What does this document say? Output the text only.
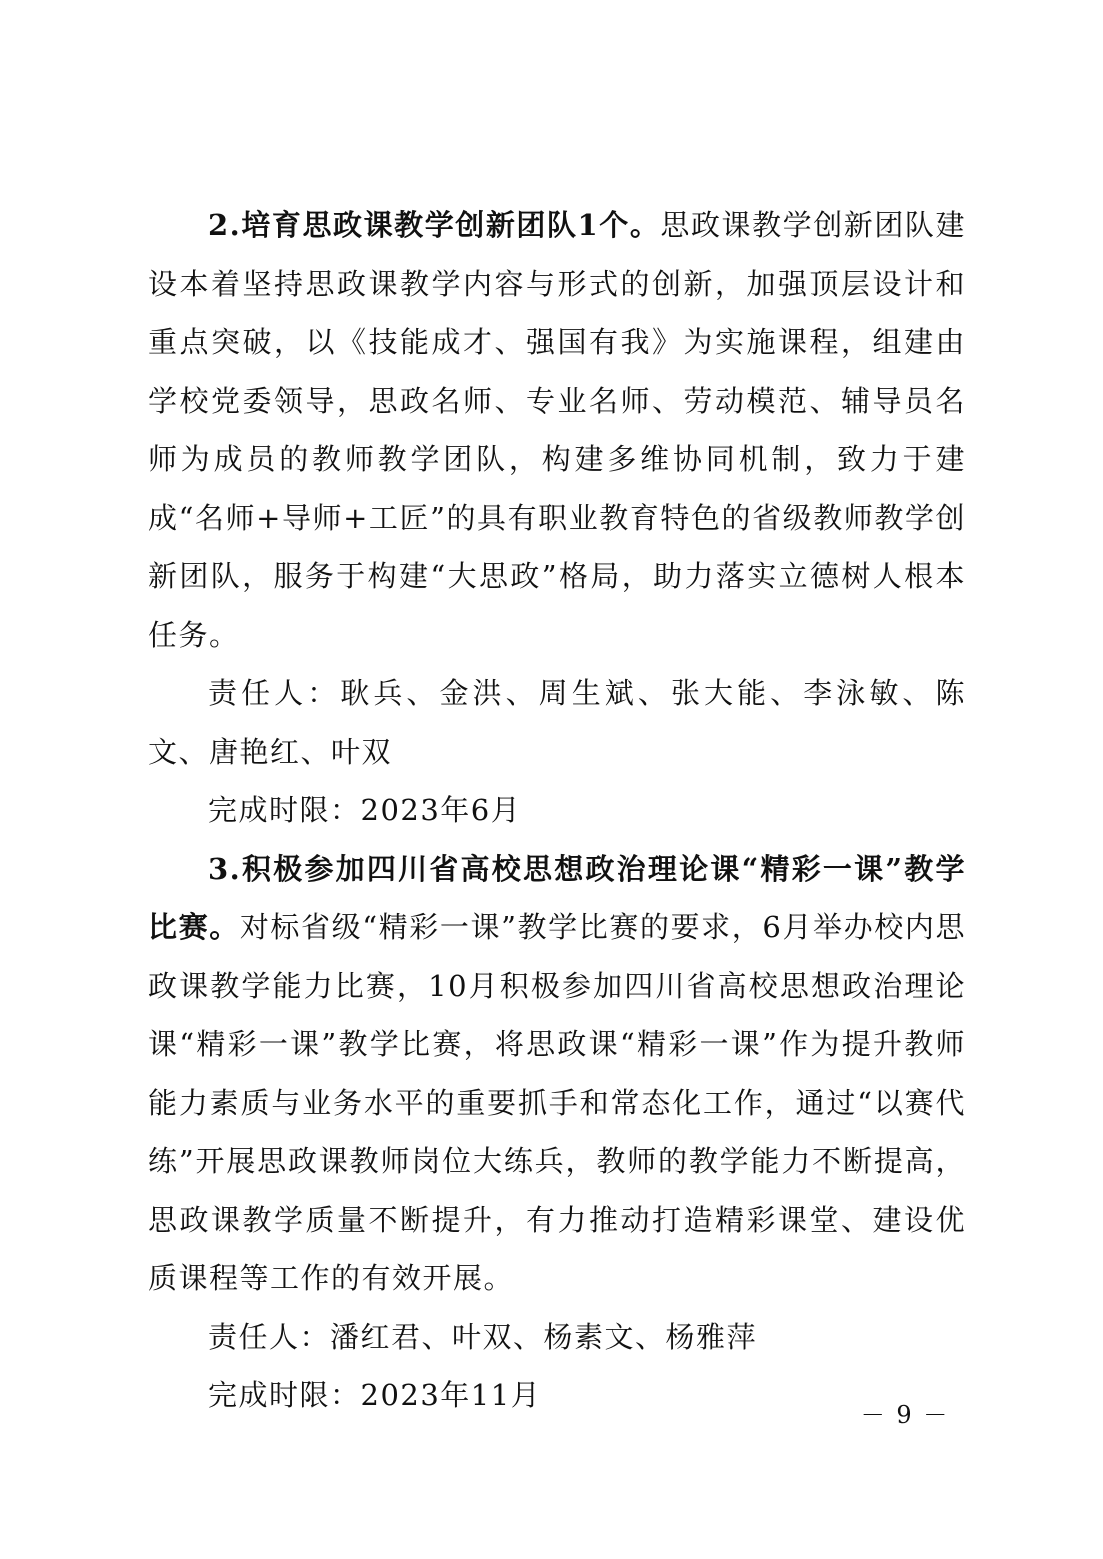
2.培育思政课教学创新团队1个。思政课教学创新团队建设本着坚持思政课教学内容与形式的创新，加强顶层设计和重点突破，以《技能成才、强国有我》为实施课程，组建由学校党委领导，思政名师、专业名师、劳动模范、辅导员名师为成员的教师教学团队，构建多维协同机制，致力于建成“名师+导师+工匠”的具有职业教育特色的省级教师教学创新团队，服务于构建“大思政”格局，助力落实立德树人根本任务。

责任人：耿兵、金洪、周生斌、张大能、李泳敏、陈文、唐艳红、叶双

完成时限：2023年6月

3.积极参加四川省高校思想政治理论课“精彩一课”教学比赛。对标省级“精彩一课”教学比赛的要求，6月举办校内思政课教学能力比赛，10月积极参加四川省高校思想政治理论课“精彩一课”教学比赛，将思政课“精彩一课”作为提升教师能力素质与业务水平的重要抓手和常态化工作，通过“以赛代练”开展思政课教师岗位大练兵，教师的教学能力不断提高，思政课教学质量不断提升，有力推动打造精彩课堂、建设优质课程等工作的有效开展。

责任人：潘红君、叶双、杨素文、杨雅萍

完成时限：2023年11月

－ 9 －
